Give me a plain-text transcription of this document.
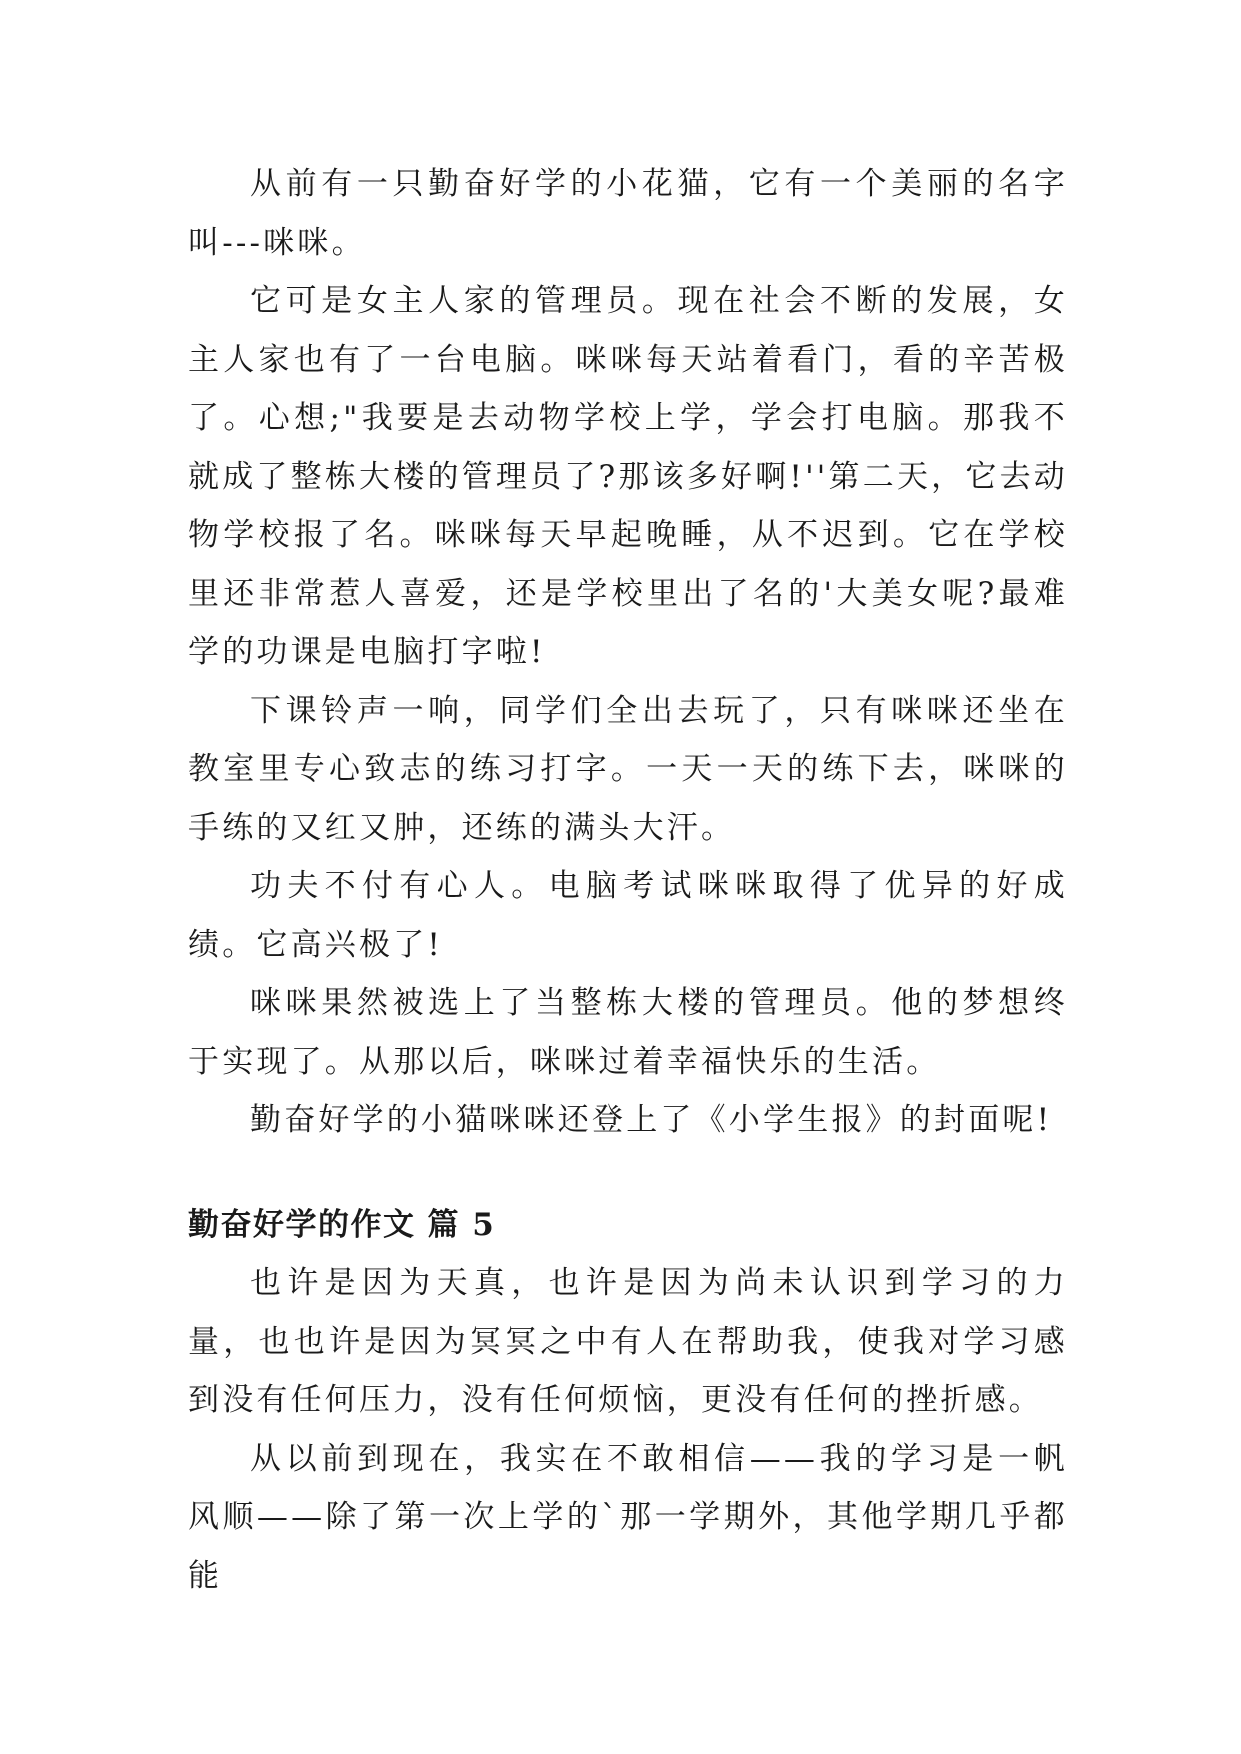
从前有一只勤奋好学的小花猫，它有一个美丽的名字叫---咪咪。

它可是女主人家的管理员。现在社会不断的发展，女主人家也有了一台电脑。咪咪每天站着看门，看的辛苦极了。心想;"我要是去动物学校上学，学会打电脑。那我不就成了整栋大楼的管理员了?那该多好啊!''第二天，它去动物学校报了名。咪咪每天早起晚睡，从不迟到。它在学校里还非常惹人喜爱，还是学校里出了名的'大美女呢?最难学的功课是电脑打字啦!

下课铃声一响，同学们全出去玩了，只有咪咪还坐在教室里专心致志的练习打字。一天一天的练下去，咪咪的手练的又红又肿，还练的满头大汗。

功夫不付有心人。电脑考试咪咪取得了优异的好成绩。它高兴极了!

咪咪果然被选上了当整栋大楼的管理员。他的梦想终于实现了。从那以后，咪咪过着幸福快乐的生活。

勤奋好学的小猫咪咪还登上了《小学生报》的封面呢!

勤奋好学的作文 篇 5

也许是因为天真，也许是因为尚未认识到学习的力量，也也许是因为冥冥之中有人在帮助我，使我对学习感到没有任何压力，没有任何烦恼，更没有任何的挫折感。

从以前到现在，我实在不敢相信——我的学习是一帆风顺——除了第一次上学的`那一学期外，其他学期几乎都能
